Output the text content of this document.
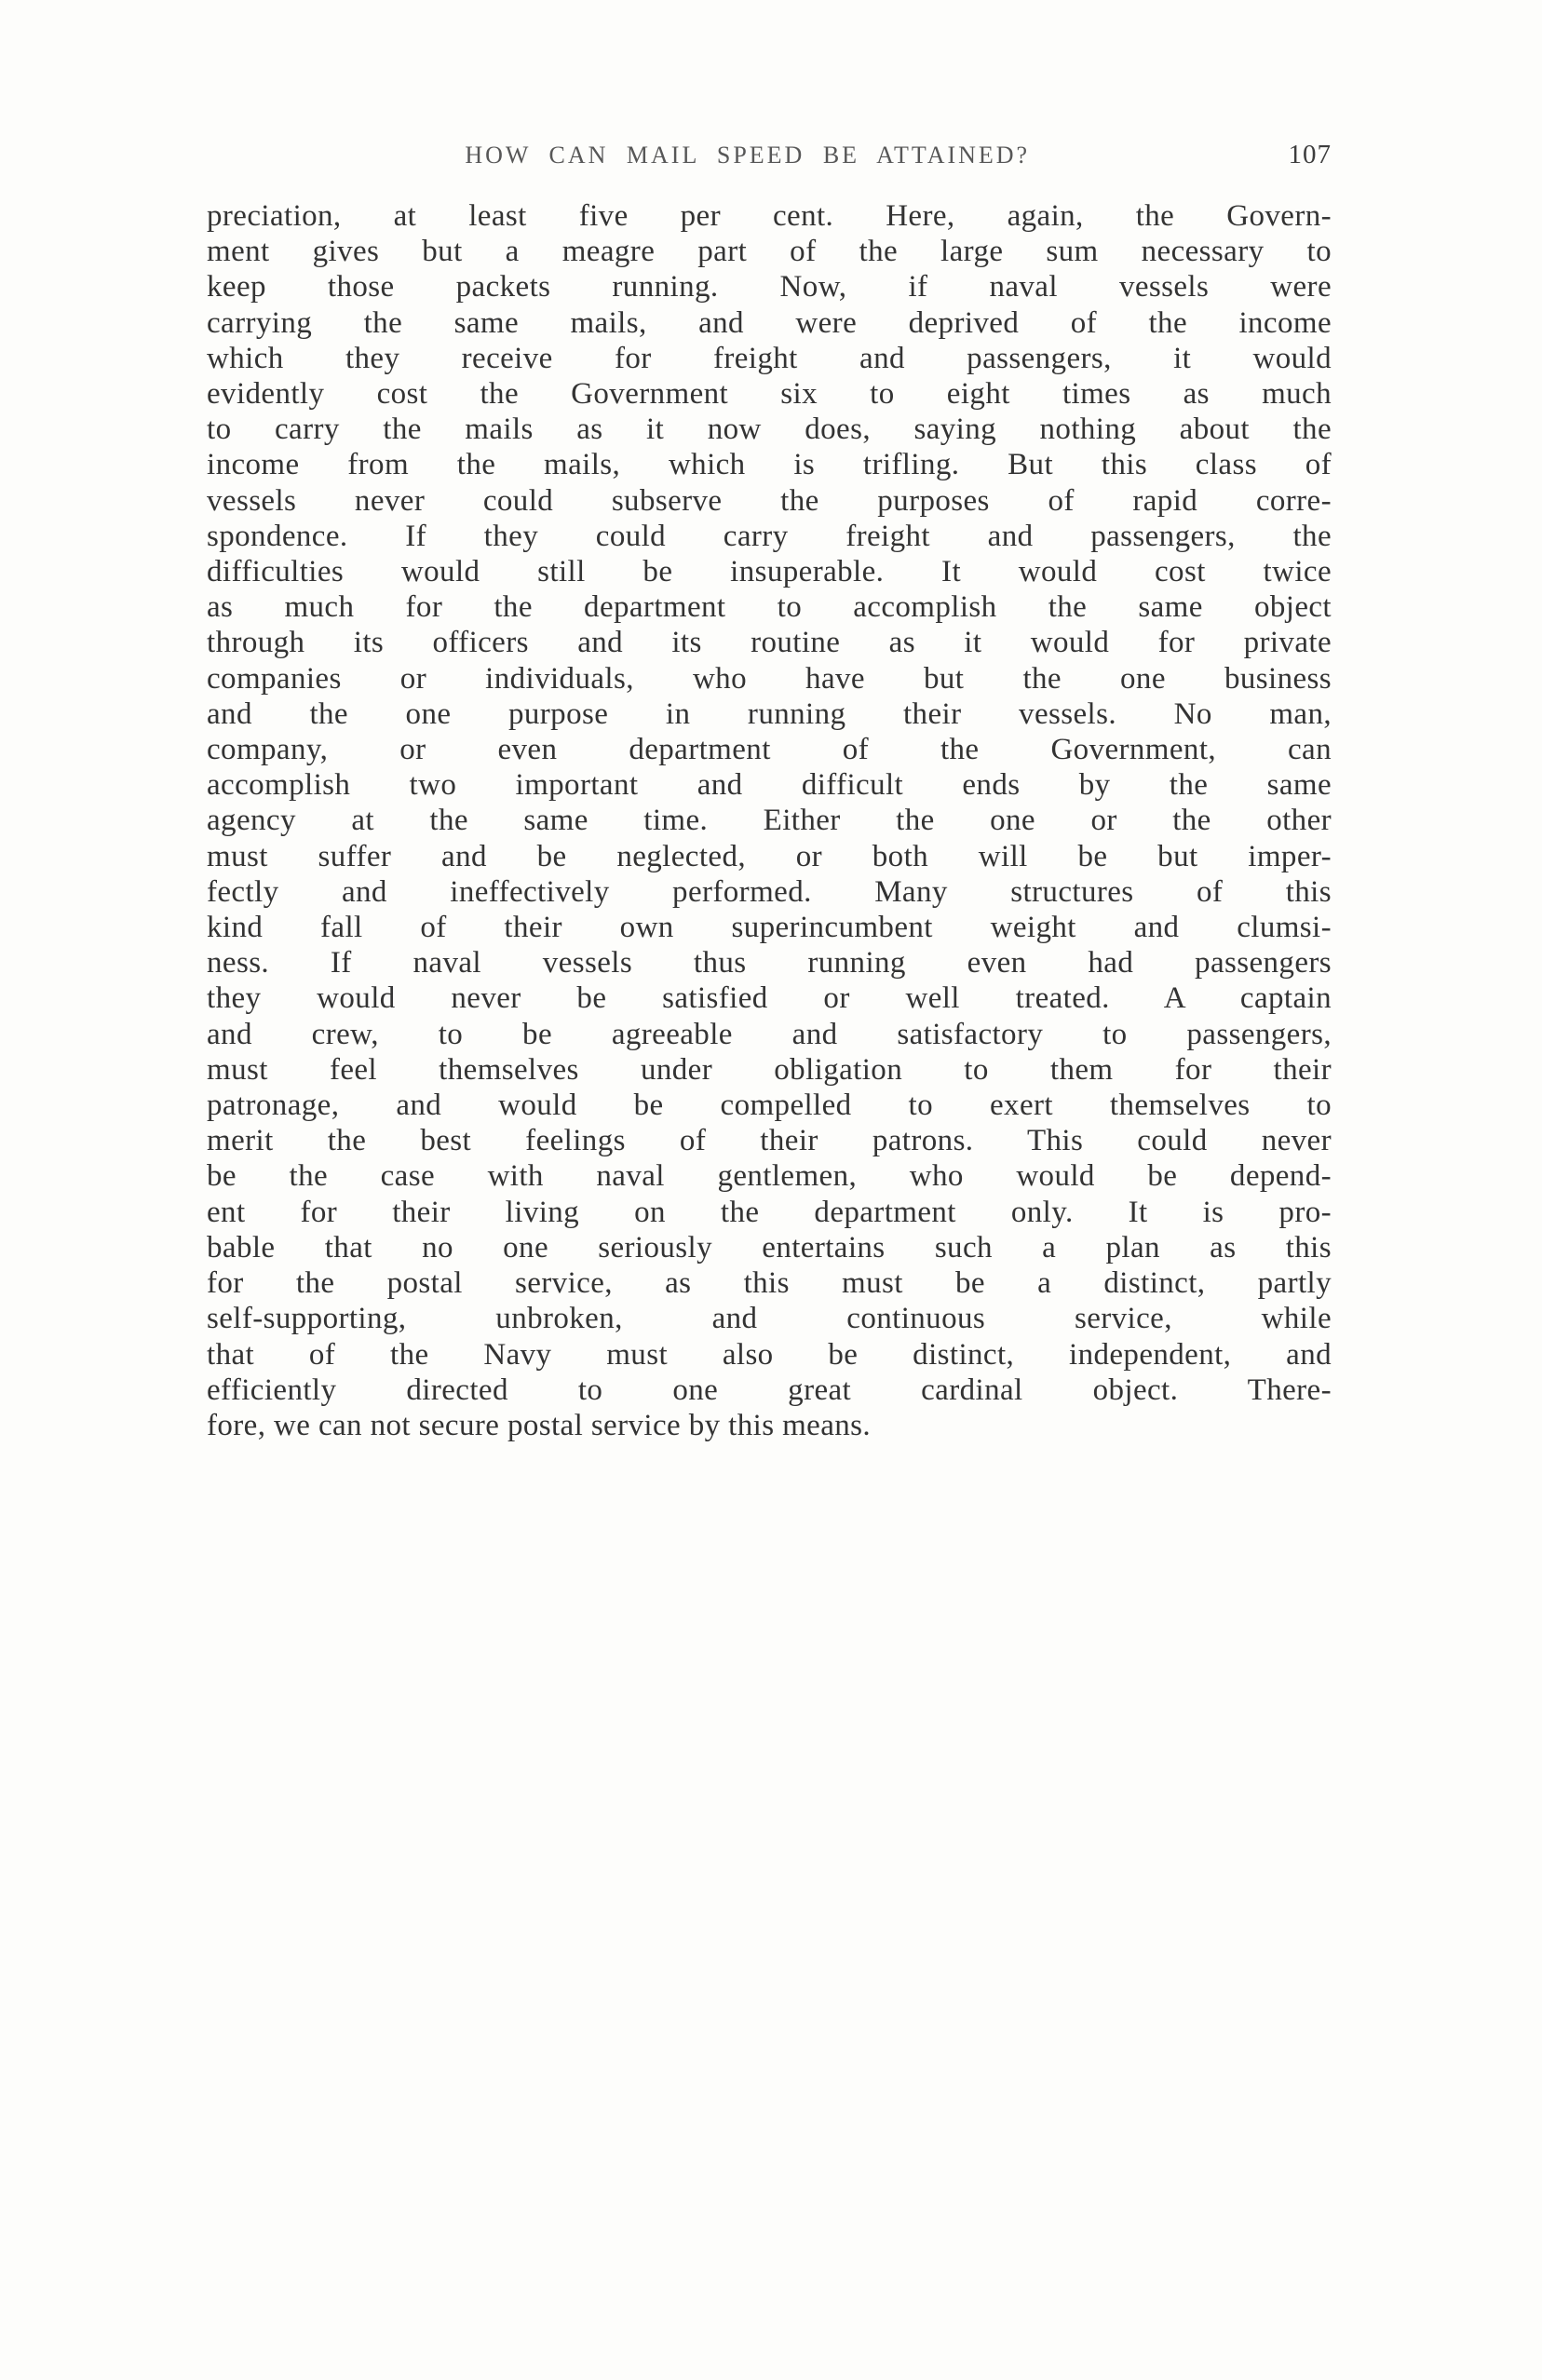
HOW CAN MAIL SPEED BE ATTAINED?	107
preciation, at least five per cent. Here, again, the Govern-
ment gives but a meagre part of the large sum necessary to
keep those packets running. Now, if naval vessels were
carrying the same mails, and were deprived of the income
which they receive for freight and passengers, it would
evidently cost the Government six to eight times as much
to carry the mails as it now does, saying nothing about the
income from the mails, which is trifling. But this class of
vessels never could subserve the purposes of rapid corre-
spondence. If they could carry freight and passengers, the
difficulties would still be insuperable. It would cost twice
as much for the department to accomplish the same object
through its officers and its routine as it would for private
companies or individuals, who have but the one business
and the one purpose in running their vessels. No man,
company, or even department of the Government, can
accomplish two important and difficult ends by the same
agency at the same time. Either the one or the other
must suffer and be neglected, or both will be but imper-
fectly and ineffectively performed. Many structures of this
kind fall of their own superincumbent weight and clumsi-
ness. If naval vessels thus running even had passengers
they would never be satisfied or well treated. A captain
and crew, to be agreeable and satisfactory to passengers,
must feel themselves under obligation to them for their
patronage, and would be compelled to exert themselves to
merit the best feelings of their patrons. This could never
be the case with naval gentlemen, who would be depend-
ent for their living on the department only. It is pro-
bable that no one seriously entertains such a plan as this
for the postal service, as this must be a distinct, partly
self-supporting, unbroken, and continuous service, while
that of the Navy must also be distinct, independent, and
efficiently directed to one great cardinal object. There-
fore, we can not secure postal service by this means.
